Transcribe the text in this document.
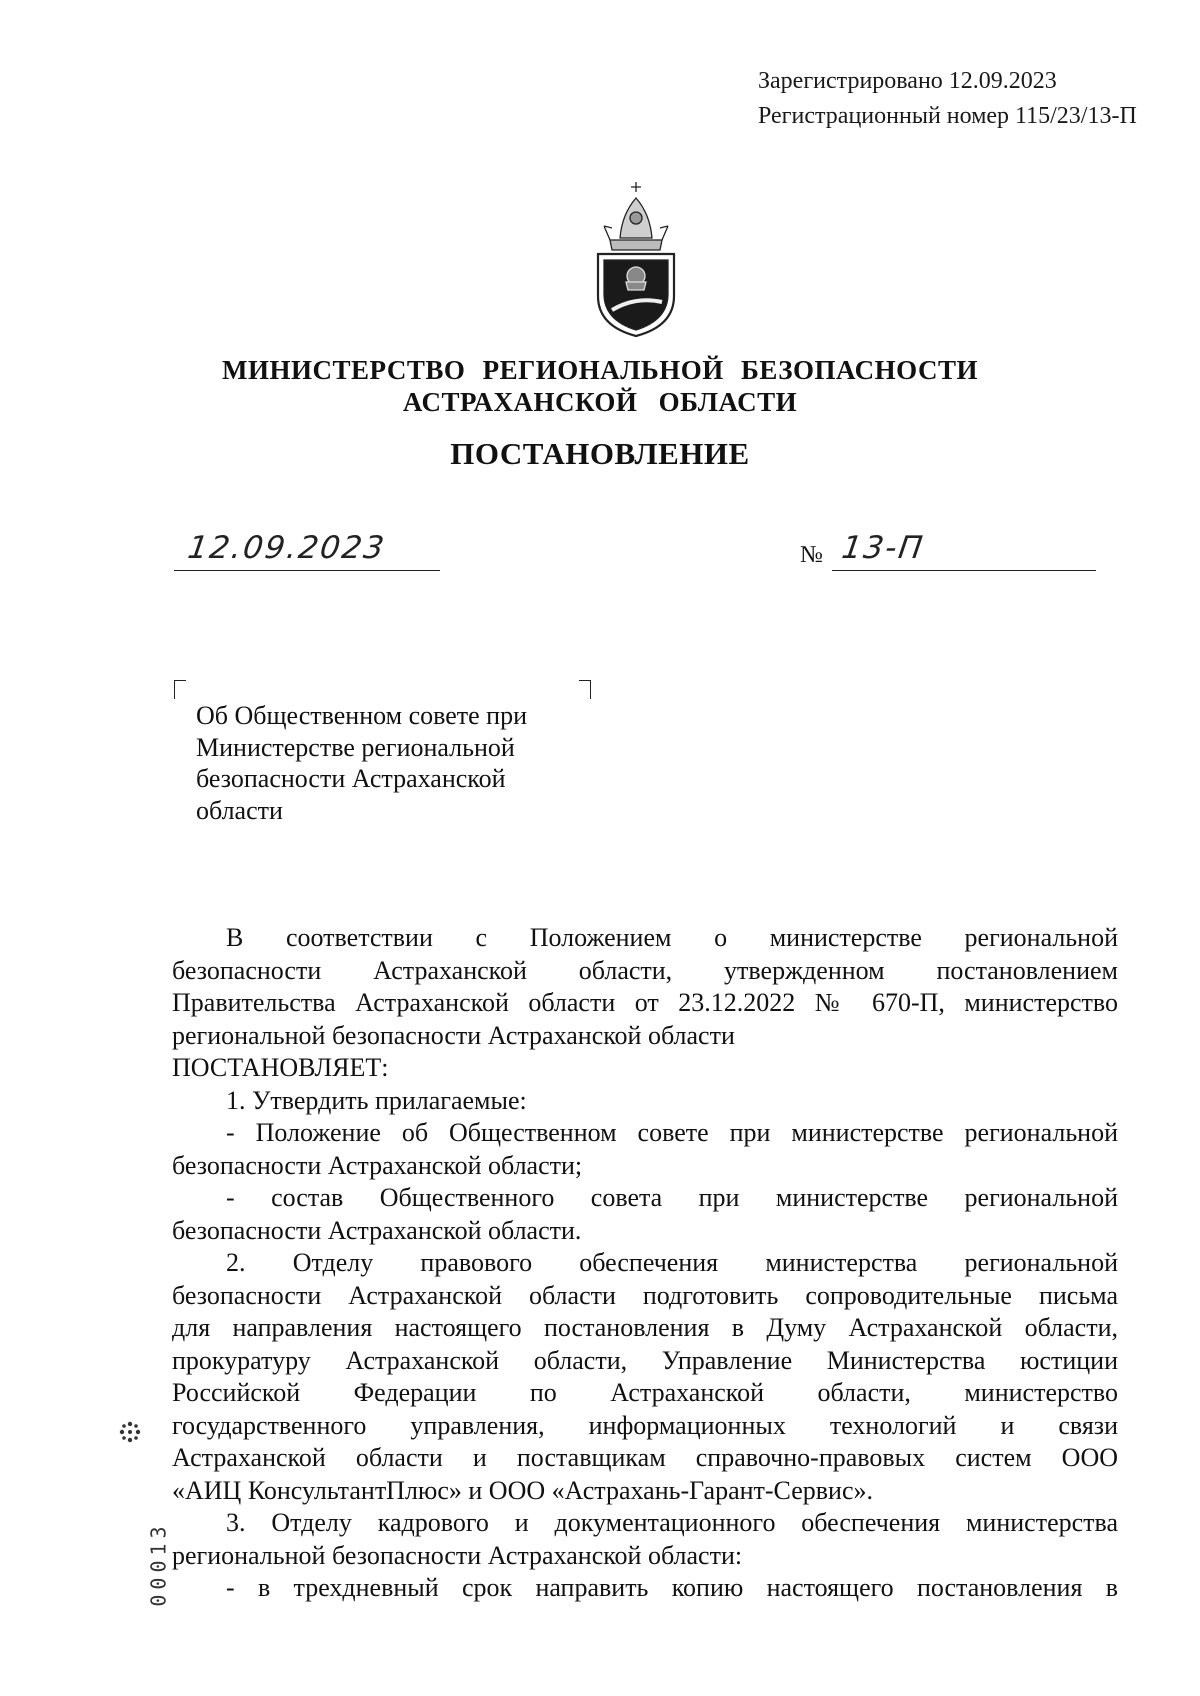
Зарегистрировано 12.09.2023
Регистрационный номер 115/23/13-П
МИНИСТЕРСТВО РЕГИОНАЛЬНОЙ БЕЗОПАСНОСТИ
АСТРАХАНСКОЙ ОБЛАСТИ
ПОСТАНОВЛЕНИЕ
12.09.2023	№ 13-П
Об Общественном совете при
Министерстве региональной
безопасности Астраханской
области
В соответствии с Положением о министерстве региональной
безопасности Астраханской области, утвержденном постановлением
Правительства Астраханской области от 23.12.2022 № 670-П, министерство
региональной безопасности Астраханской области
ПОСТАНОВЛЯЕТ:
1. Утвердить прилагаемые:
- Положение об Общественном совете при министерстве региональной
безопасности Астраханской области;
- состав Общественного совета при министерстве региональной
безопасности Астраханской области.
2. Отделу правового обеспечения министерства региональной
безопасности Астраханской области подготовить сопроводительные письма
для направления настоящего постановления в Думу Астраханской области,
прокуратуру Астраханской области, Управление Министерства юстиции
Российской Федерации по Астраханской области, министерство
государственного управления, информационных технологий и связи
Астраханской области и поставщикам справочно-правовых систем ООО
«АИЦ КонсультантПлюс» и ООО «Астрахань-Гарант-Сервис».
3. Отделу кадрового и документационного обеспечения министерства
региональной безопасности Астраханской области:
- в трехдневный срок направить копию настоящего постановления в
00013
